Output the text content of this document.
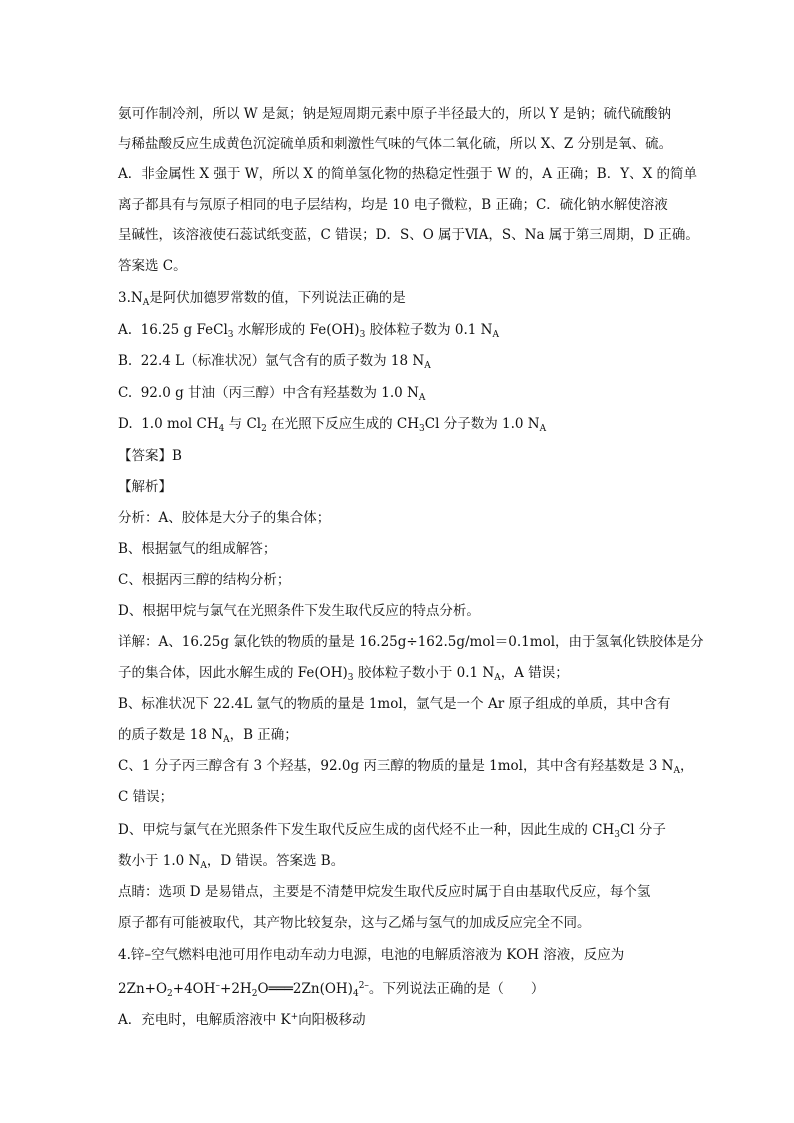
氨可作制冷剂，所以 W 是氮；钠是短周期元素中原子半径最大的，所以 Y 是钠；硫代硫酸钠
与稀盐酸反应生成黄色沉淀硫单质和刺激性气味的气体二氧化硫，所以 X、Z 分别是氧、硫。
A．非金属性 X 强于 W，所以 X 的简单氢化物的热稳定性强于 W 的，A 正确；B．Y、X 的简单
离子都具有与氖原子相同的电子层结构，均是 10 电子微粒，B 正确；C．硫化钠水解使溶液
呈碱性，该溶液使石蕊试纸变蓝，C 错误；D．S、O 属于ⅥA，S、Na 属于第三周期，D 正确。
答案选 C。
$3.N_A$是阿伏加德罗常数的值，下列说法正确的是
A.  16.25 g FeCl$_3$ 水解形成的 $Fe(OH)_3$ 胶体粒子数为 0.1 $N_A$
B.  22.4 L（标准状况）氩气含有的质子数为 18 $N_A$
C.  92.0 g 甘油（丙三醇）中含有羟基数为 1.0 $N_A$
D.  1.0 mol $CH_4$ 与 $Cl_2$ 在光照下反应生成的 $CH_3Cl$ 分子数为 1.0 $N_A$
【答案】B
【解析】
分析：A、胶体是大分子的集合体；
B、根据氩气的组成解答；
C、根据丙三醇的结构分析；
D、根据甲烷与氯气在光照条件下发生取代反应的特点分析。
详解：A、16.25g 氯化铁的物质的量是 16.25g÷162.5g/mol＝0.1mol，由于氢氧化铁胶体是分
子的集合体，因此水解生成的 $Fe(OH)_3$ 胶体粒子数小于 0.1 $N_A$，A 错误；
B、标准状况下 22.4L 氩气的物质的量是 1mol，氩气是一个 Ar 原子组成的单质，其中含有
的质子数是 18 $N_A$，B 正确；
C、1 分子丙三醇含有 3 个羟基，92.0g 丙三醇的物质的量是 1mol，其中含有羟基数是 3 $N_A$，
C 错误；
D、甲烷与氯气在光照条件下发生取代反应生成的卤代烃不止一种，因此生成的 $CH_3Cl$ 分子
数小于 1.0 $N_A$，D 错误。答案选 B。
点睛：选项 D 是易错点，主要是不清楚甲烷发生取代反应时属于自由基取代反应，每个氢
原子都有可能被取代，其产物比较复杂，这与乙烯与氢气的加成反应完全不同。
4.锌–空气燃料电池可用作电动车动力电源，电池的电解质溶液为 KOH 溶液，反应为
$2Zn+O_2+4OH^-+2H_2O═══2Zn(OH)_4^{2-}$。下列说法正确的是（　　）
A．充电时，电解质溶液中 K+向阳极移动
